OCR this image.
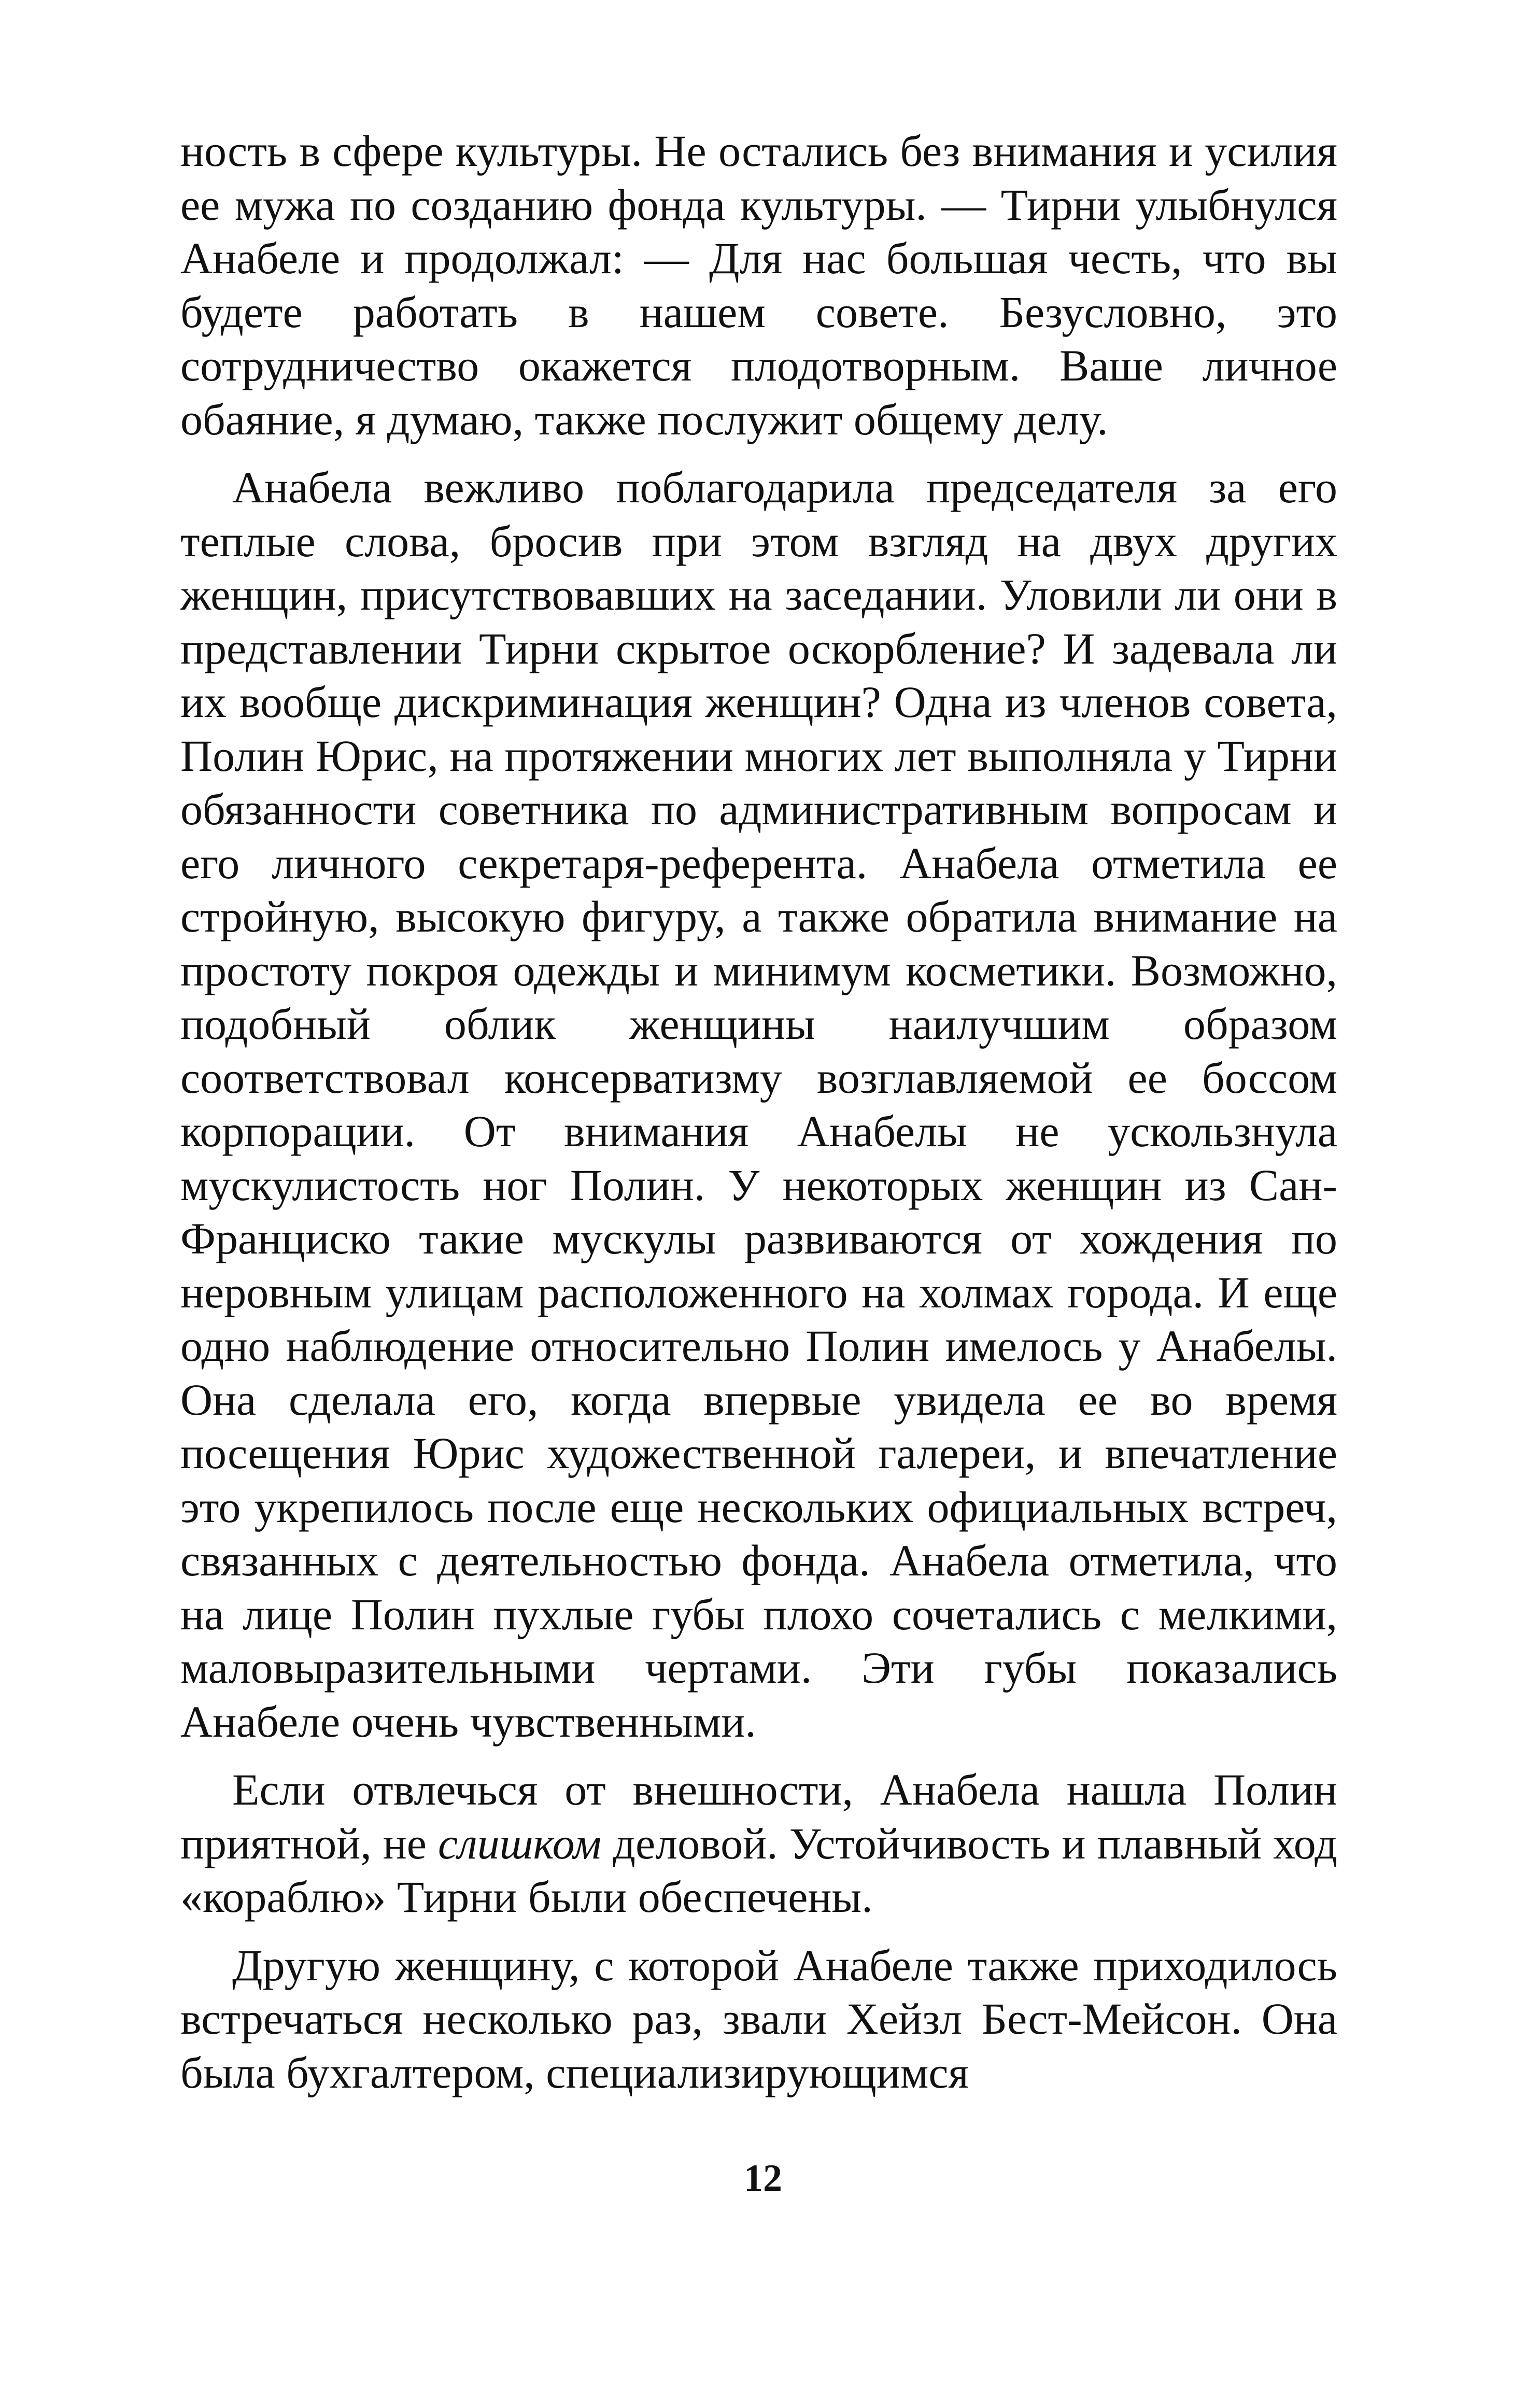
ность в сфере культуры. Не остались без внимания и усилия ее мужа по созданию фонда культуры. — Тирни улыбнулся Анабеле и продолжал: — Для нас большая честь, что вы будете работать в нашем совете. Безусловно, это сотрудничество окажется плодотворным. Ваше личное обаяние, я думаю, также послужит общему делу.

Анабела вежливо поблагодарила председателя за его теплые слова, бросив при этом взгляд на двух других женщин, присутствовавших на заседании. Уловили ли они в представлении Тирни скрытое оскорбление? И задевала ли их вообще дискриминация женщин? Одна из членов совета, Полин Юрис, на протяжении многих лет выполняла у Тирни обязанности советника по административным вопросам и его личного секретаря-референта. Анабела отметила ее стройную, высокую фигуру, а также обратила внимание на простоту покроя одежды и минимум косметики. Возможно, подобный облик женщины наилучшим образом соответствовал консерватизму возглавляемой ее боссом корпорации. От внимания Анабелы не ускользнула мускулистость ног Полин. У некоторых женщин из Сан-Франциско такие мускулы развиваются от хождения по неровным улицам расположенного на холмах города. И еще одно наблюдение относительно Полин имелось у Анабелы. Она сделала его, когда впервые увидела ее во время посещения Юрис художественной галереи, и впечатление это укрепилось после еще нескольких официальных встреч, связанных с деятельностью фонда. Анабела отметила, что на лице Полин пухлые губы плохо сочетались с мелкими, маловыразительными чертами. Эти губы показались Анабеле очень чувственными.

Если отвлечься от внешности, Анабела нашла Полин приятной, не слишком деловой. Устойчивость и плавный ход «кораблю» Тирни были обеспечены.

Другую женщину, с которой Анабеле также приходилось встречаться несколько раз, звали Хейзл Бест-Мейсон. Она была бухгалтером, специализирующимся

12
